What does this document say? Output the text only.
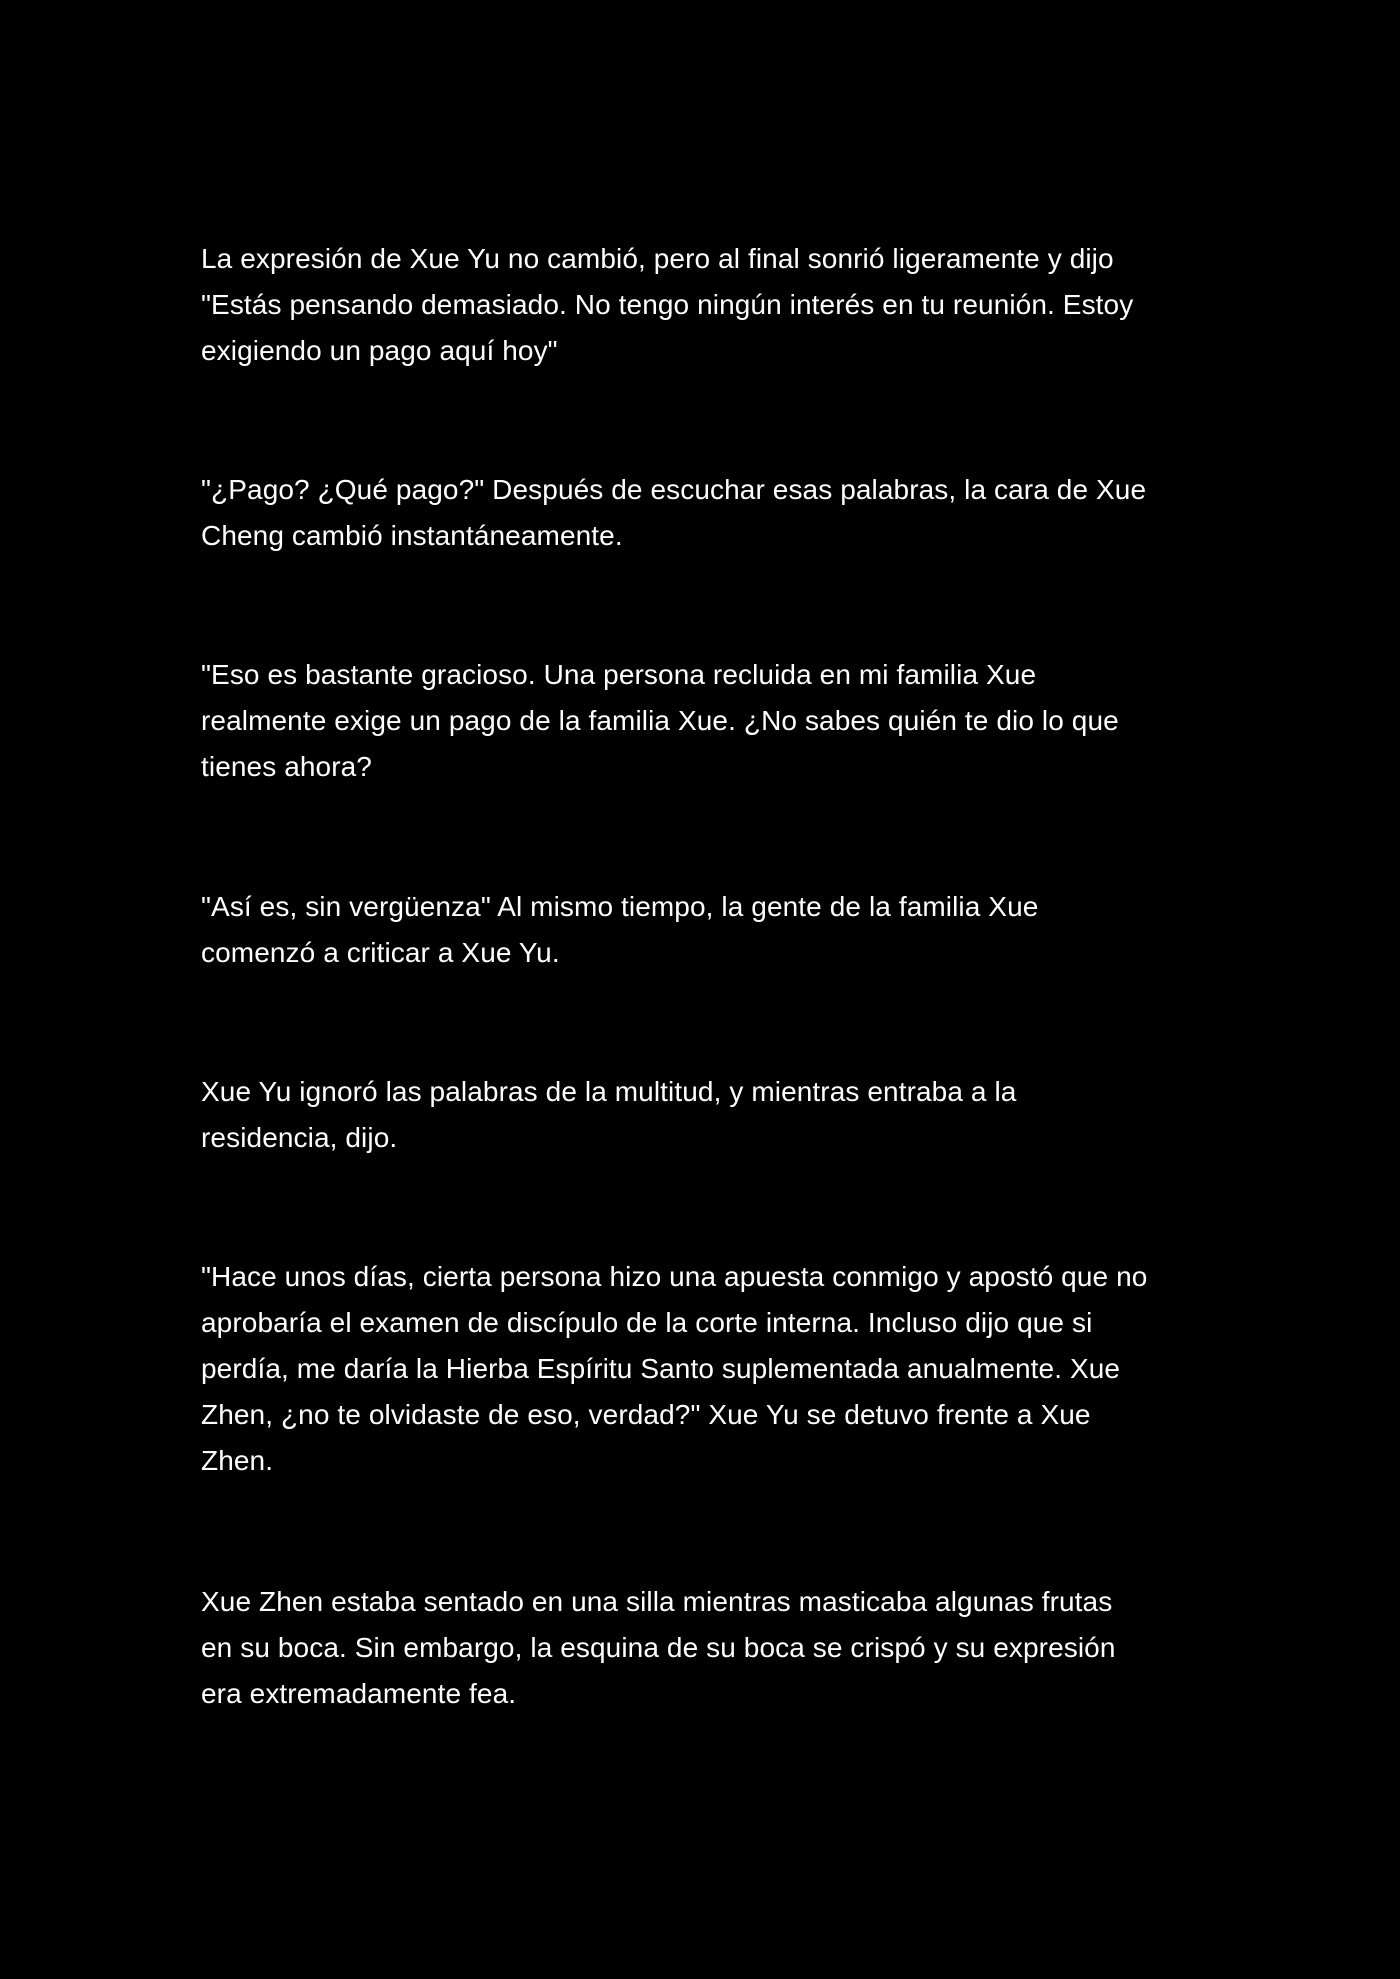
La expresión de Xue Yu no cambió, pero al final sonrió ligeramente y dijo
"Estás pensando demasiado. No tengo ningún interés en tu reunión. Estoy
exigiendo un pago aquí hoy"

"¿Pago? ¿Qué pago?" Después de escuchar esas palabras, la cara de Xue
Cheng cambió instantáneamente.

"Eso es bastante gracioso. Una persona recluida en mi familia Xue
realmente exige un pago de la familia Xue. ¿No sabes quién te dio lo que
tienes ahora?

"Así es, sin vergüenza" Al mismo tiempo, la gente de la familia Xue
comenzó a criticar a Xue Yu.

Xue Yu ignoró las palabras de la multitud, y mientras entraba a la
residencia, dijo.

"Hace unos días, cierta persona hizo una apuesta conmigo y apostó que no
aprobaría el examen de discípulo de la corte interna. Incluso dijo que si
perdía, me daría la Hierba Espíritu Santo suplementada anualmente. Xue
Zhen, ¿no te olvidaste de eso, verdad?" Xue Yu se detuvo frente a Xue
Zhen.

Xue Zhen estaba sentado en una silla mientras masticaba algunas frutas
en su boca. Sin embargo, la esquina de su boca se crispó y su expresión
era extremadamente fea.
